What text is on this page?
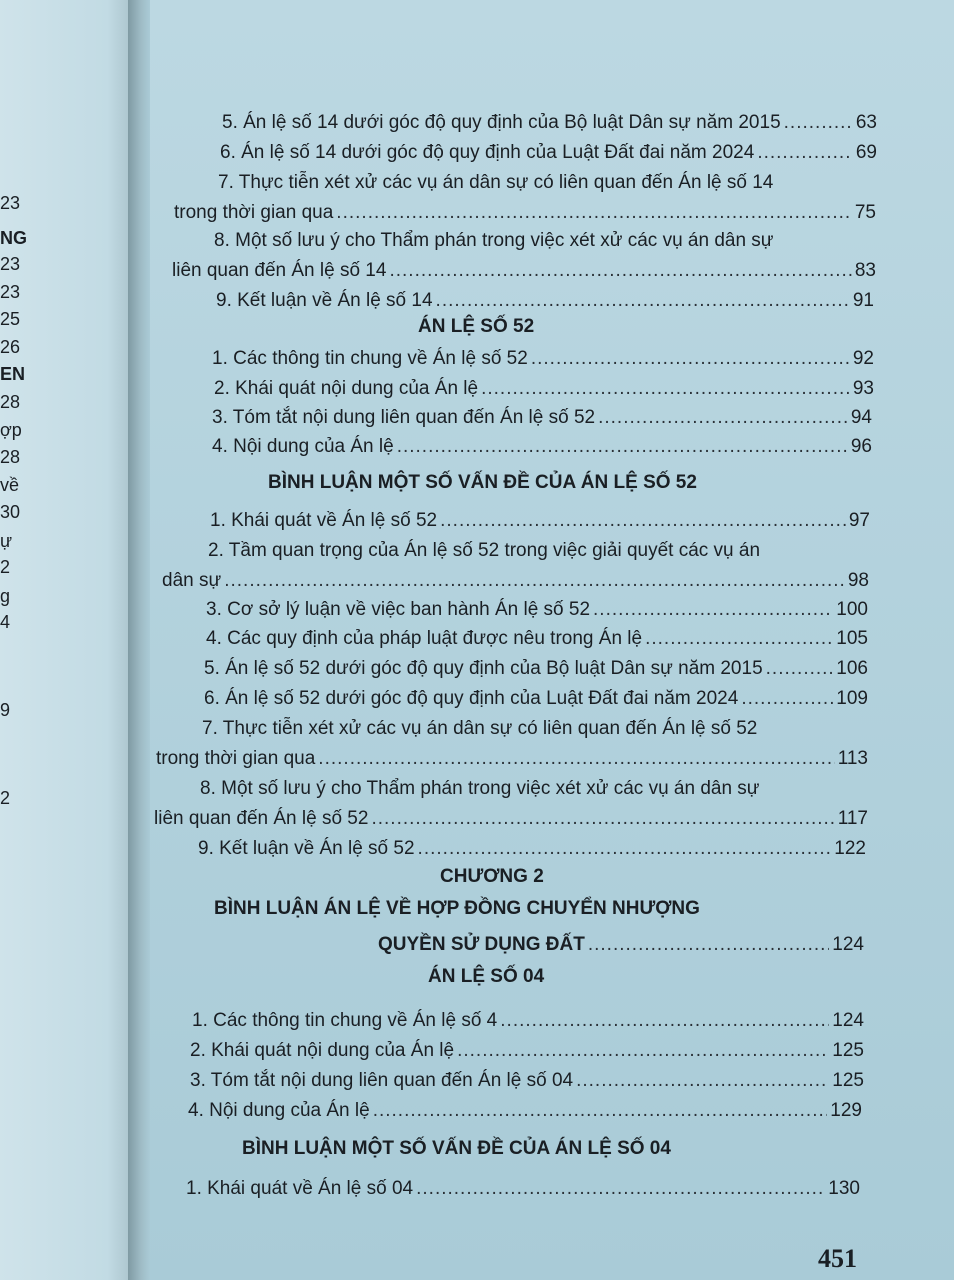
23
NG
23
23
25
26
EN
28
ợp
28
về
30
ự
2
g
4
9
2
5. Án lệ số 14 dưới góc độ quy định của Bộ luật Dân sự năm 2015 .....	63
6. Án lệ số 14 dưới góc độ quy định của Luật Đất đai năm 2024 .....	69
7. Thực tiễn xét xử các vụ án dân sự có liên quan đến Án lệ số 14
trong thời gian qua .....	75
8. Một số lưu ý cho Thẩm phán trong việc xét xử các vụ án dân sự
liên quan đến Án lệ số 14 .....	83
9. Kết luận về Án lệ số 14 .....	91
ÁN LỆ SỐ 52
1. Các thông tin chung về Án lệ số 52 .....	92
2. Khái quát nội dung của Án lệ .....	93
3. Tóm tắt nội dung liên quan đến Án lệ số 52 .....	94
4. Nội dung của Án lệ .....	96
BÌNH LUẬN MỘT SỐ VẤN ĐỀ CỦA ÁN LỆ SỐ 52
1. Khái quát về Án lệ số 52 .....	97
2. Tầm quan trọng của Án lệ số 52 trong việc giải quyết các vụ án
dân sự .....	98
3. Cơ sở lý luận về việc ban hành Án lệ số 52 .....	100
4. Các quy định của pháp luật được nêu trong Án lệ .....	105
5. Án lệ số 52 dưới góc độ quy định của Bộ luật Dân sự năm 2015 .....	106
6. Án lệ số 52 dưới góc độ quy định của Luật Đất đai năm 2024 .....	109
7. Thực tiễn xét xử các vụ án dân sự có liên quan đến Án lệ số 52
trong thời gian qua .....	113
8. Một số lưu ý cho Thẩm phán trong việc xét xử các vụ án dân sự
liên quan đến Án lệ số 52 .....	117
9. Kết luận về Án lệ số 52 .....	122
CHƯƠNG 2
BÌNH LUẬN ÁN LỆ VỀ HỢP ĐỒNG CHUYỂN NHƯỢNG
QUYỀN SỬ DỤNG ĐẤT .....	124
ÁN LỆ SỐ 04
1. Các thông tin chung về Án lệ số 4 .....	124
2. Khái quát nội dung của Án lệ .....	125
3. Tóm tắt nội dung liên quan đến Án lệ số 04 .....	125
4. Nội dung của Án lệ .....	129
BÌNH LUẬN MỘT SỐ VẤN ĐỀ CỦA ÁN LỆ SỐ 04
1. Khái quát về Án lệ số 04 .....	130
451
